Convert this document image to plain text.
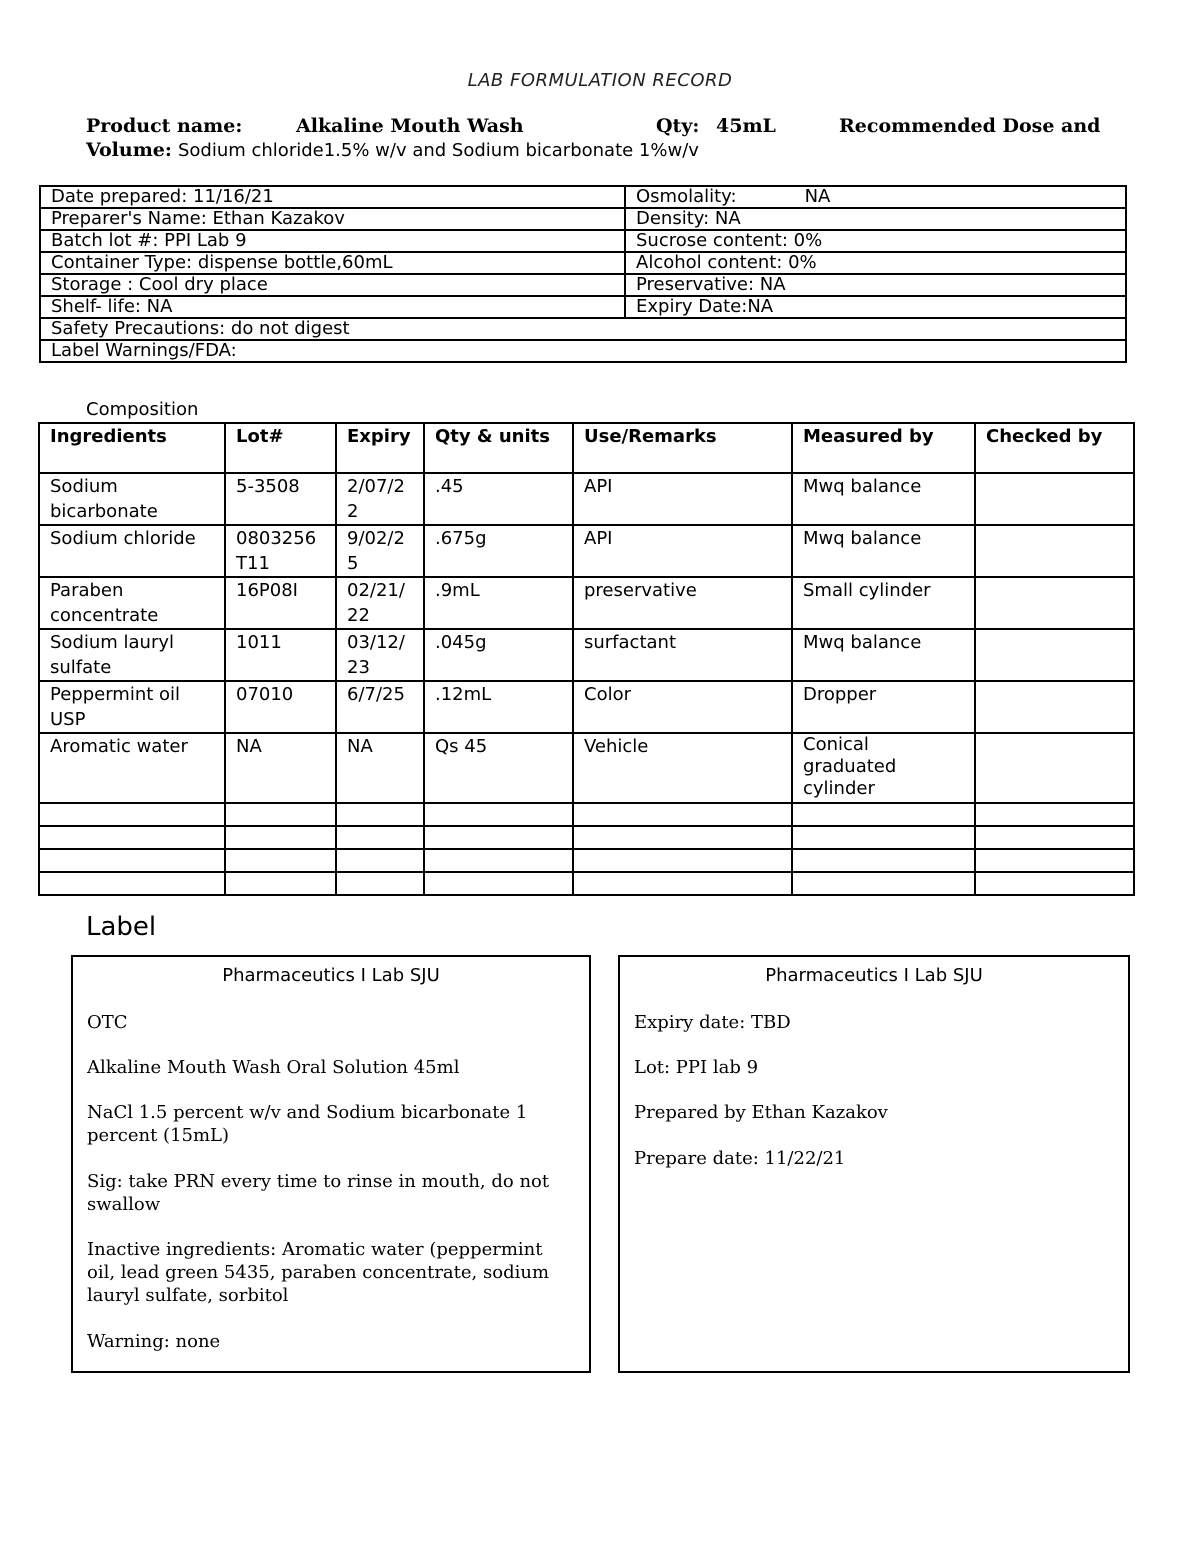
LAB FORMULATION RECORD
Product name:	Alkaline Mouth Wash	Qty: 45mL	Recommended Dose and
Volume: Sodium chloride1.5% w/v and Sodium bicarbonate 1%w/v
Date prepared: 11/16/21	Osmolality: NA
Preparer's Name: Ethan Kazakov	Density: NA
Batch lot #: PPI Lab 9	Sucrose content: 0%
Container Type: dispense bottle,60mL	Alcohol content: 0%
Storage : Cool dry place	Preservative: NA
Shelf- life: NA	Expiry Date:NA
Safety Precautions: do not digest	
Label Warnings/FDA:	
Composition
Ingredients	Lot#	Expiry	Qty & units	Use/Remarks	Measured by	Checked by
Sodium bicarbonate	5-3508	2/07/22	.45	API	Mwq balance	
Sodium chloride	0803256 T11	9/02/25	.675g	API	Mwq balance	
Paraben concentrate	16P08I	02/21/22	.9mL	preservative	Small cylinder	
Sodium lauryl sulfate	1011	03/12/23	.045g	surfactant	Mwq balance	
Peppermint oil USP	07010	6/7/25	.12mL	Color	Dropper	
Aromatic water	NA	NA	Qs 45	Vehicle	Conical graduated cylinder	

Label
Pharmaceutics I Lab SJU

OTC

Alkaline Mouth Wash Oral Solution 45ml

NaCl 1.5 percent w/v and Sodium bicarbonate 1 percent (15mL)

Sig: take PRN every time to rinse in mouth, do not swallow

Inactive ingredients: Aromatic water (peppermint oil, lead green 5435, paraben concentrate, sodium lauryl sulfate, sorbitol

Warning: none

Pharmaceutics I Lab SJU

Expiry date: TBD

Lot: PPI lab 9

Prepared by Ethan Kazakov

Prepare date: 11/22/21
